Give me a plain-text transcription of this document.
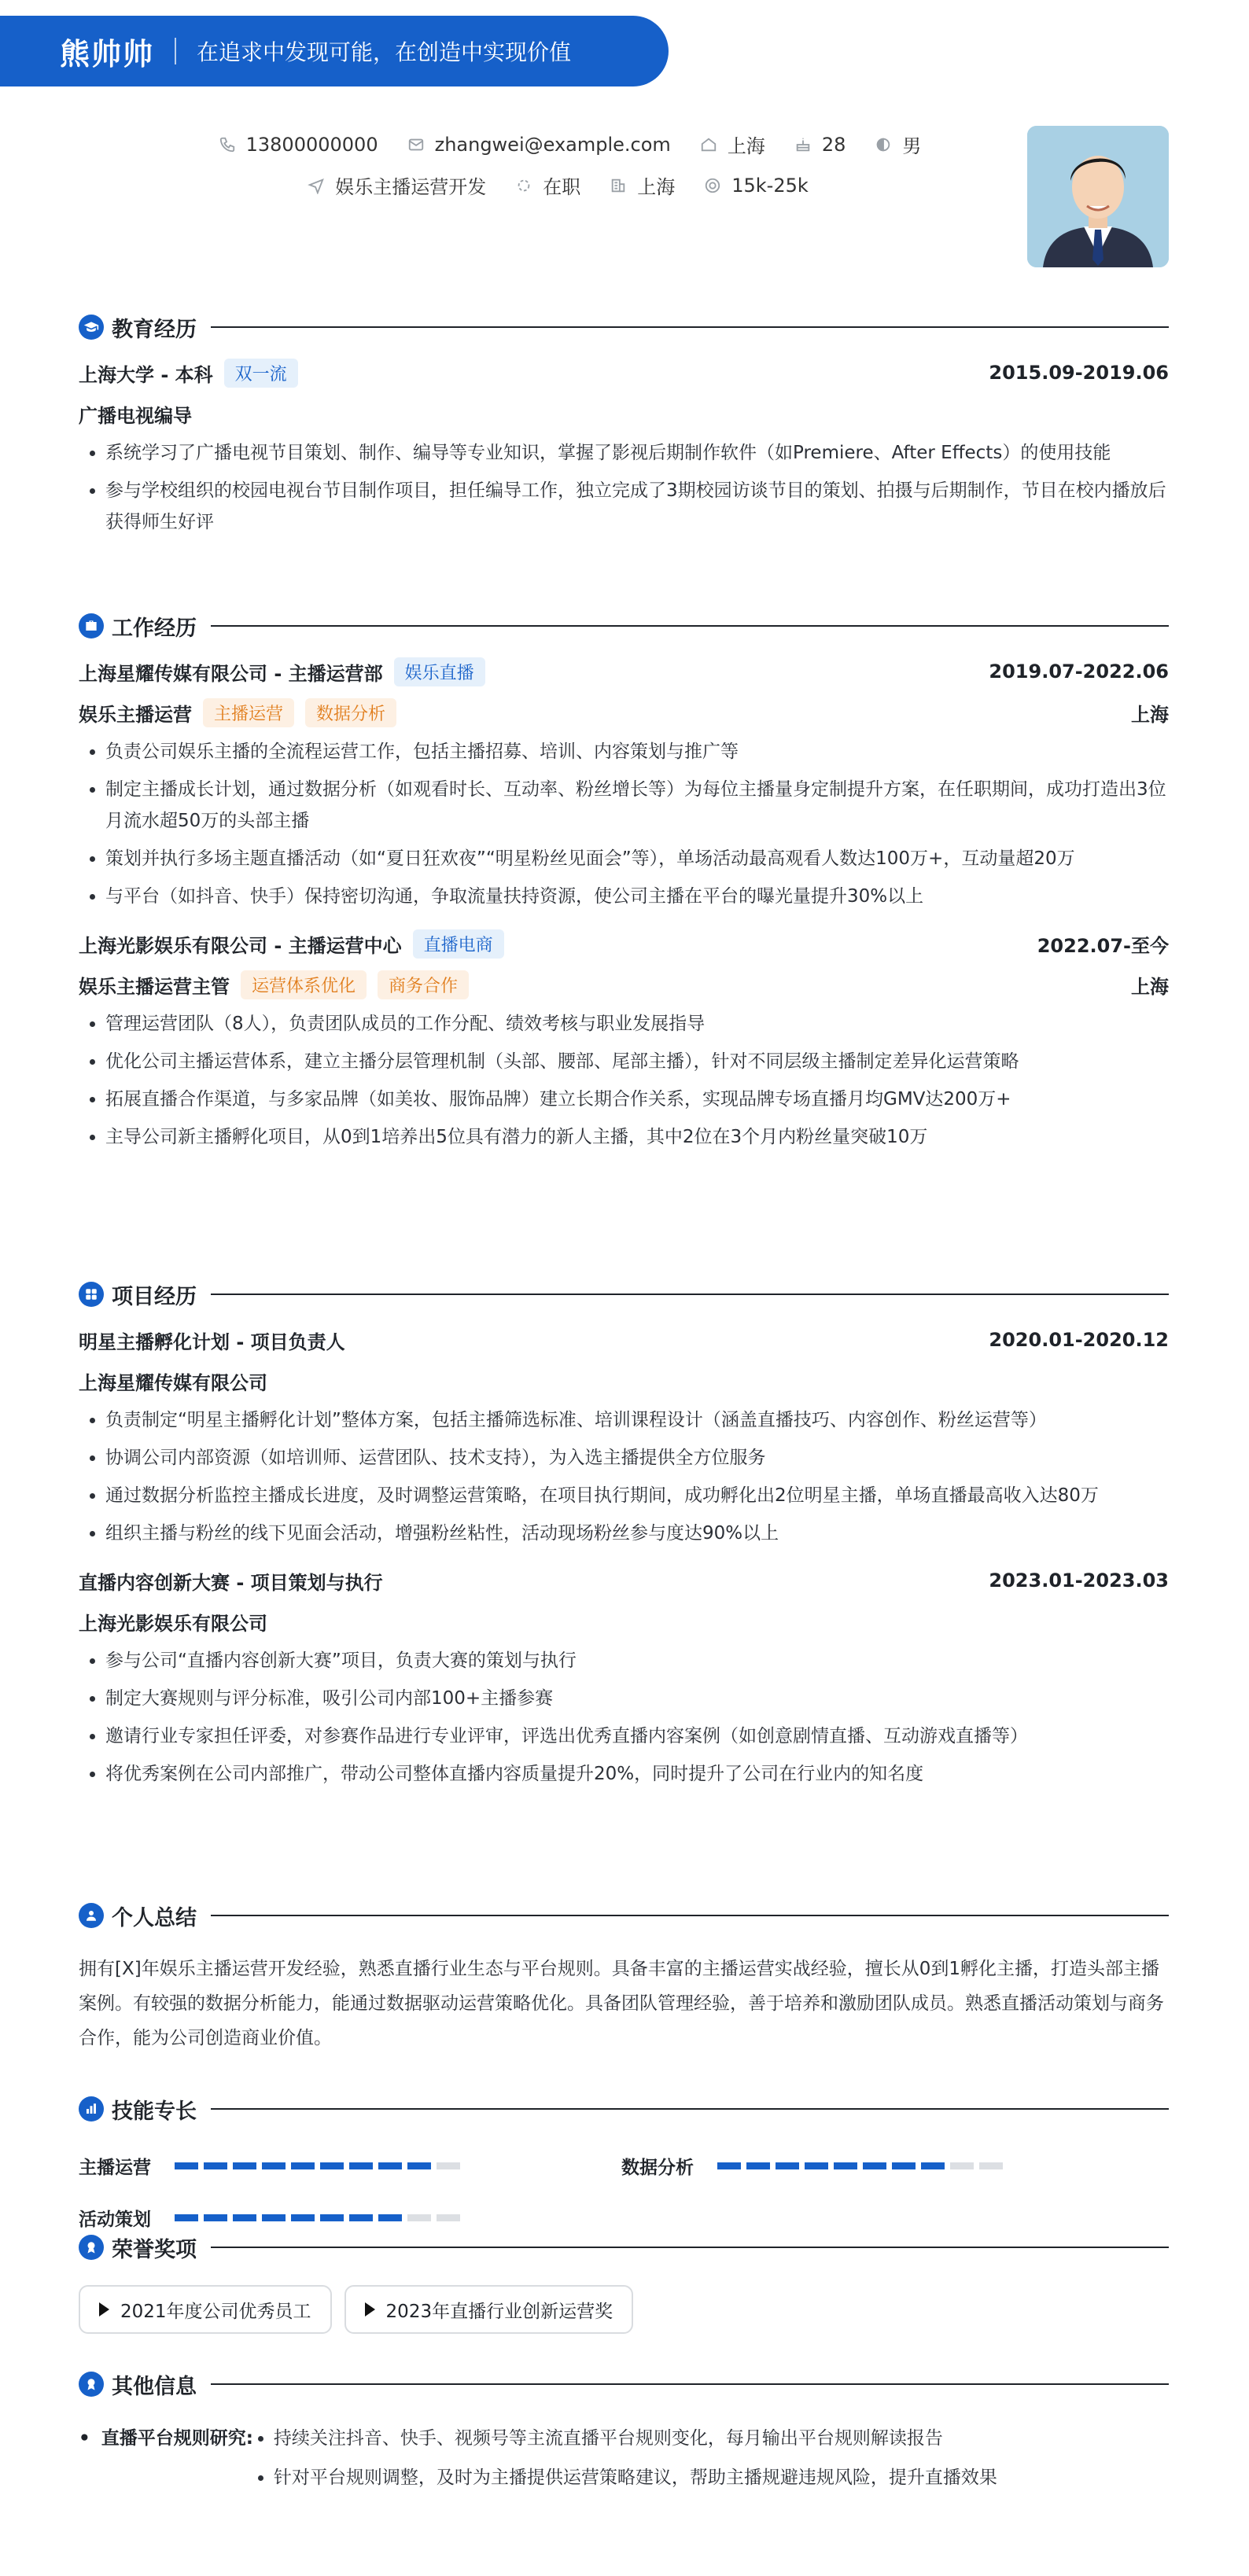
熊帅帅 在追求中发现可能，在创造中实现价值
13800000000	zhangwei@example.com	上海	28	男
娱乐主播运营开发	在职	上海	15k-25k
教育经历
上海大学 - 本科	双一流	2015.09-2019.06
广播电视编导
• 系统学习了广播电视节目策划、制作、编导等专业知识，掌握了影视后期制作软件（如Premiere、After Effects）的使用技能
• 参与学校组织的校园电视台节目制作项目，担任编导工作，独立完成了3期校园访谈节目的策划、拍摄与后期制作，节目在校内播放后获得师生好评
工作经历
上海星耀传媒有限公司 - 主播运营部	娱乐直播	2019.07-2022.06
娱乐主播运营	主播运营	数据分析	上海
• 负责公司娱乐主播的全流程运营工作，包括主播招募、培训、内容策划与推广等
• 制定主播成长计划，通过数据分析（如观看时长、互动率、粉丝增长等）为每位主播量身定制提升方案，在任职期间，成功打造出3位月流水超50万的头部主播
• 策划并执行多场主题直播活动（如“夏日狂欢夜”“明星粉丝见面会”等），单场活动最高观看人数达100万+，互动量超20万
• 与平台（如抖音、快手）保持密切沟通，争取流量扶持资源，使公司主播在平台的曝光量提升30%以上
上海光影娱乐有限公司 - 主播运营中心	直播电商	2022.07-至今
娱乐主播运营主管	运营体系优化	商务合作	上海
• 管理运营团队（8人），负责团队成员的工作分配、绩效考核与职业发展指导
• 优化公司主播运营体系，建立主播分层管理机制（头部、腰部、尾部主播），针对不同层级主播制定差异化运营策略
• 拓展直播合作渠道，与多家品牌（如美妆、服饰品牌）建立长期合作关系，实现品牌专场直播月均GMV达200万+
• 主导公司新主播孵化项目，从0到1培养出5位具有潜力的新人主播，其中2位在3个月内粉丝量突破10万
项目经历
明星主播孵化计划 - 项目负责人	2020.01-2020.12
上海星耀传媒有限公司
• 负责制定“明星主播孵化计划”整体方案，包括主播筛选标准、培训课程设计（涵盖直播技巧、内容创作、粉丝运营等）
• 协调公司内部资源（如培训师、运营团队、技术支持），为入选主播提供全方位服务
• 通过数据分析监控主播成长进度，及时调整运营策略，在项目执行期间，成功孵化出2位明星主播，单场直播最高收入达80万
• 组织主播与粉丝的线下见面会活动，增强粉丝粘性，活动现场粉丝参与度达90%以上
直播内容创新大赛 - 项目策划与执行	2023.01-2023.03
上海光影娱乐有限公司
• 参与公司“直播内容创新大赛”项目，负责大赛的策划与执行
• 制定大赛规则与评分标准，吸引公司内部100+主播参赛
• 邀请行业专家担任评委，对参赛作品进行专业评审，评选出优秀直播内容案例（如创意剧情直播、互动游戏直播等）
• 将优秀案例在公司内部推广，带动公司整体直播内容质量提升20%，同时提升了公司在行业内的知名度
个人总结
拥有[X]年娱乐主播运营开发经验，熟悉直播行业生态与平台规则。具备丰富的主播运营实战经验，擅长从0到1孵化主播，打造头部主播案例。有较强的数据分析能力，能通过数据驱动运营策略优化。具备团队管理经验，善于培养和激励团队成员。熟悉直播活动策划与商务合作，能为公司创造商业价值。
技能专长
主播运营	数据分析
活动策划
荣誉奖项
2021年度公司优秀员工	2023年直播行业创新运营奖
其他信息
• 直播平台规则研究:
• 持续关注抖音、快手、视频号等主流直播平台规则变化，每月输出平台规则解读报告
• 针对平台规则调整，及时为主播提供运营策略建议，帮助主播规避违规风险，提升直播效果
